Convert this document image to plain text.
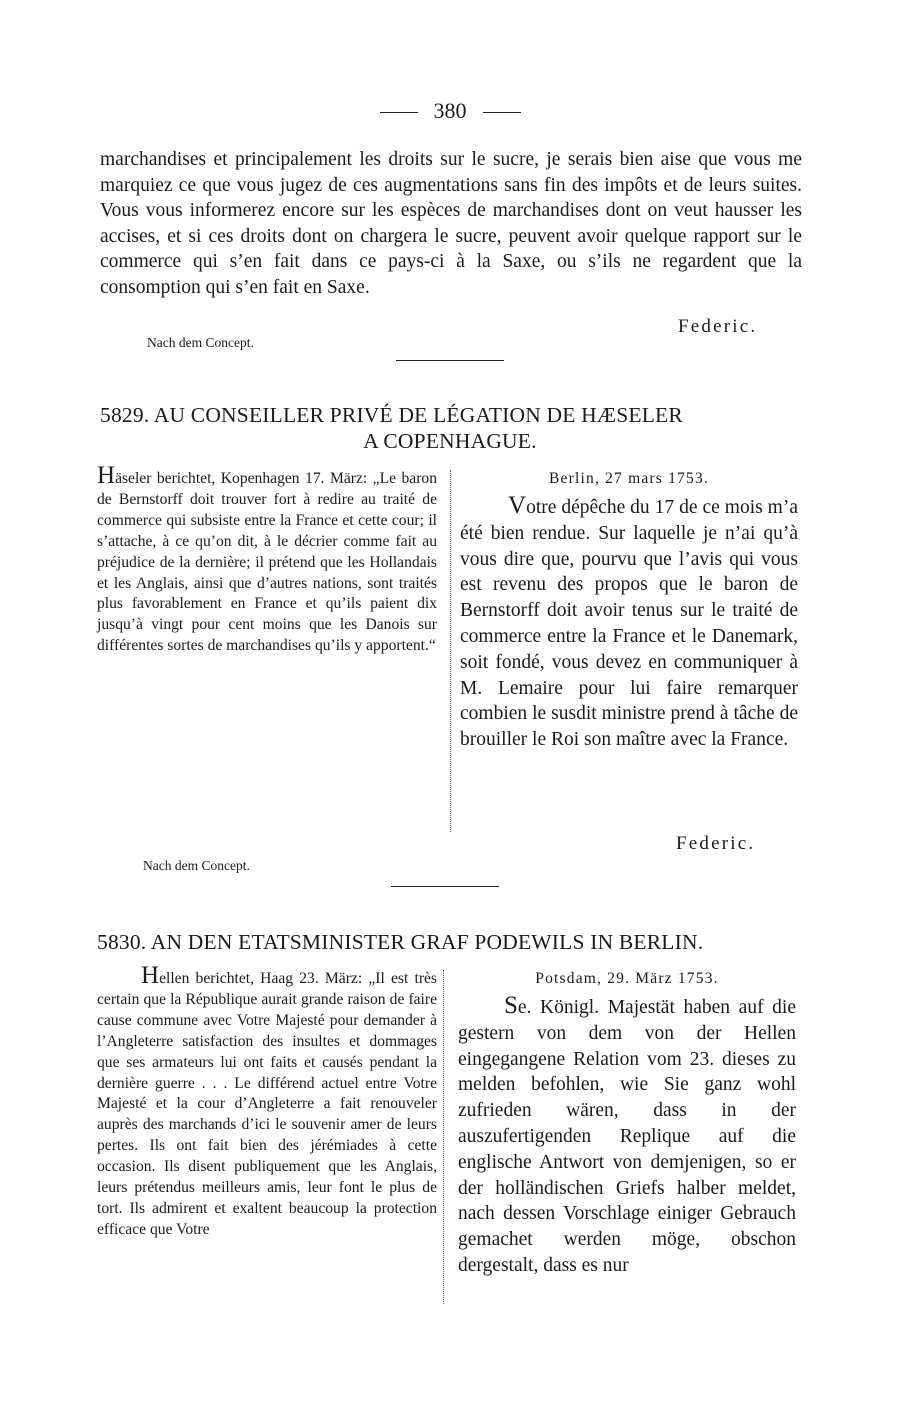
380
marchandises et principalement les droits sur le sucre, je serais bien aise que vous me marquiez ce que vous jugez de ces augmentations sans fin des impôts et de leurs suites. Vous vous informerez encore sur les espèces de marchandises dont on veut hausser les accises, et si ces droits dont on chargera le sucre, peuvent avoir quelque rapport sur le commerce qui s’en fait dans ce pays-ci à la Saxe, ou s’ils ne regardent que la consomption qui s’en fait en Saxe.
Federic.
Nach dem Concept.
5829. AU CONSEILLER PRIVÉ DE LÉGATION DE HÆSELER
A COPENHAGUE.
Häseler berichtet, Kopenhagen 17. März: „Le baron de Bernstorff doit trouver fort à redire au traité de commerce qui subsiste entre la France et cette cour; il s’attache, à ce qu’on dit, à le décrier comme fait au préjudice de la dernière; il prétend que les Hollandais et les Anglais, ainsi que d’autres nations, sont traités plus favorablement en France et qu’ils paient dix jusqu’à vingt pour cent moins que les Danois sur différentes sortes de marchandises qu’ils y apportent.“
Berlin, 27 mars 1753.
Votre dépêche du 17 de ce mois m’a été bien rendue. Sur laquelle je n’ai qu’à vous dire que, pourvu que l’avis qui vous est revenu des propos que le baron de Bernstorff doit avoir tenus sur le traité de commerce entre la France et le Danemark, soit fondé, vous devez en communiquer à M. Lemaire pour lui faire remarquer combien le susdit ministre prend à tâche de brouiller le Roi son maître avec la France.
Federic.
Nach dem Concept.
5830. AN DEN ETATSMINISTER GRAF PODEWILS IN BERLIN.
Hellen berichtet, Haag 23. März: „Il est très certain que la République aurait grande raison de faire cause commune avec Votre Majesté pour demander à l’Angleterre satisfaction des insultes et dommages que ses armateurs lui ont faits et causés pendant la dernière guerre . . . Le différend actuel entre Votre Majesté et la cour d’Angleterre a fait renouveler auprès des marchands d’ici le souvenir amer de leurs pertes. Ils ont fait bien des jérémiades à cette occasion. Ils disent publiquement que les Anglais, leurs prétendus meilleurs amis, leur font le plus de tort. Ils admirent et exaltent beaucoup la protection efficace que Votre
Potsdam, 29. März 1753.
Se. Königl. Majestät haben auf die gestern von dem von der Hellen eingegangene Relation vom 23. dieses zu melden befohlen, wie Sie ganz wohl zufrieden wären, dass in der auszufertigenden Replique auf die englische Antwort von demjenigen, so er der holländischen Griefs halber meldet, nach dessen Vorschlage einiger Gebrauch gemachet werden möge, obschon dergestalt, dass es nur
